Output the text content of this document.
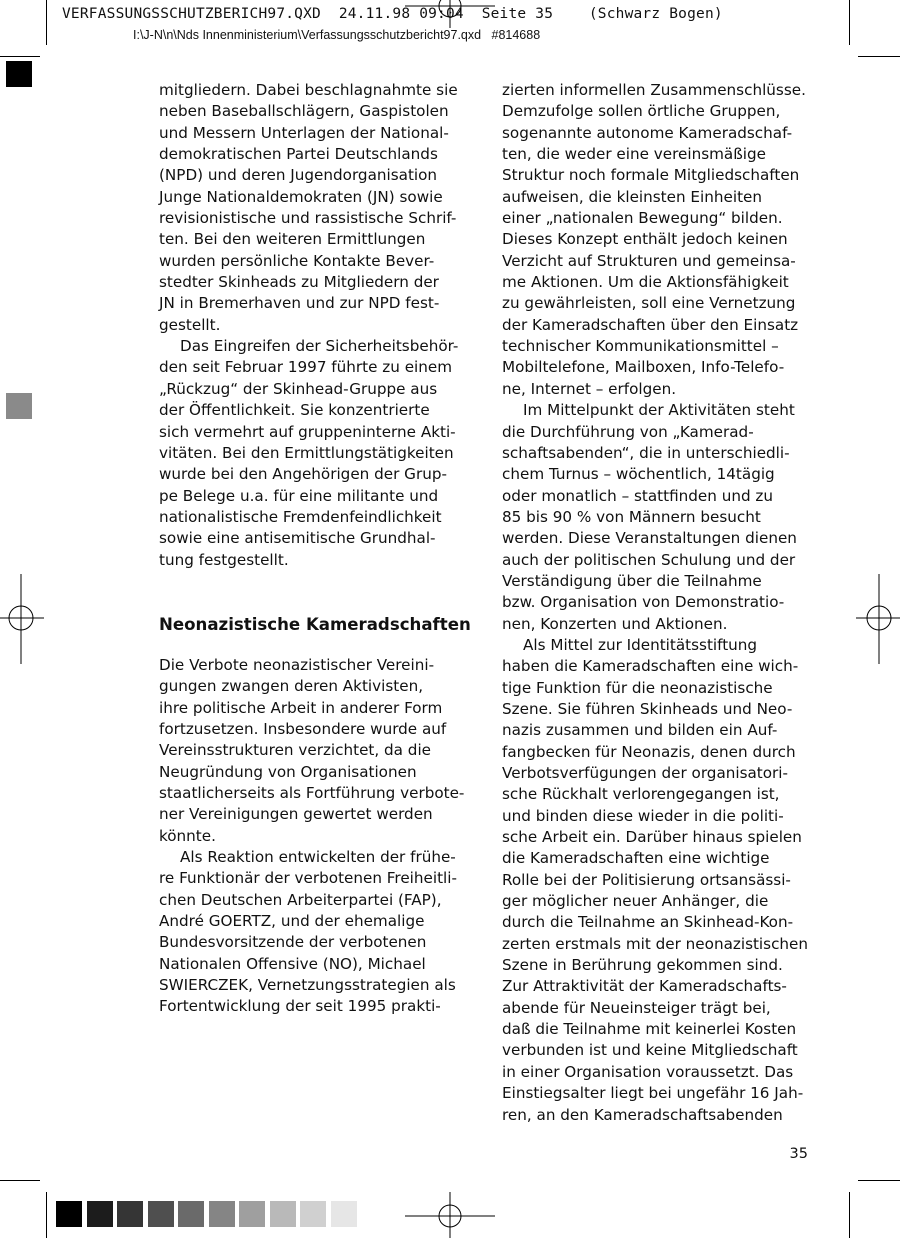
VERFASSUNGSSCHUTZBERICH97.QXD  24.11.98 09:04  Seite 35    (Schwarz Bogen)
I:\J-N\n\Nds Innenministerium\Verfassungsschutzbericht97.qxd   #814688

mitgliedern. Dabei beschlagnahmte sie

neben Baseballschlägern, Gaspistolen

und Messern Unterlagen der National-

demokratischen Partei Deutschlands

(NPD) und deren Jugendorganisation

Junge Nationaldemokraten (JN) sowie

revisionistische und rassistische Schrif-

ten. Bei den weiteren Ermittlungen

wurden persönliche Kontakte Bever-

stedter Skinheads zu Mitgliedern der

JN in Bremerhaven und zur NPD fest-

gestellt.

Das Eingreifen der Sicherheitsbehör-

den seit Februar 1997 führte zu einem

„Rückzug“ der Skinhead-Gruppe aus

der Öffentlichkeit. Sie konzentrierte

sich vermehrt auf gruppeninterne Akti-

vitäten. Bei den Ermittlungstätigkeiten

wurde bei den Angehörigen der Grup-

pe Belege u.a. für eine militante und

nationalistische Fremdenfeindlichkeit

sowie eine antisemitische Grundhal-

tung festgestellt.

Neonazistische Kameradschaften

Die Verbote neonazistischer Vereini-

gungen zwangen deren Aktivisten,

ihre politische Arbeit in anderer Form

fortzusetzen. Insbesondere wurde auf

Vereinsstrukturen verzichtet, da die

Neugründung von Organisationen

staatlicherseits als Fortführung verbote-

ner Vereinigungen gewertet werden

könnte.

Als Reaktion entwickelten der frühe-

re Funktionär der verbotenen Freiheitli-

chen Deutschen Arbeiterpartei (FAP),

André GOERTZ, und der ehemalige

Bundesvorsitzende der verbotenen

Nationalen Offensive (NO), Michael

SWIERCZEK, Vernetzungsstrategien als

Fortentwicklung der seit 1995 prakti-

zierten informellen Zusammenschlüsse.

Demzufolge sollen örtliche Gruppen,

sogenannte autonome Kameradschaf-

ten, die weder eine vereinsmäßige

Struktur noch formale Mitgliedschaften

aufweisen, die kleinsten Einheiten

einer „nationalen Bewegung“ bilden.

Dieses Konzept enthält jedoch keinen

Verzicht auf Strukturen und gemeinsa-

me Aktionen. Um die Aktionsfähigkeit

zu gewährleisten, soll eine Vernetzung

der Kameradschaften über den Einsatz

technischer Kommunikationsmittel –

Mobiltelefone, Mailboxen, Info-Telefo-

ne, Internet – erfolgen.

Im Mittelpunkt der Aktivitäten steht

die Durchführung von „Kamerad-

schaftsabenden“, die in unterschiedli-

chem Turnus – wöchentlich, 14tägig

oder monatlich – stattfinden und zu

85 bis 90 % von Männern besucht

werden. Diese Veranstaltungen dienen

auch der politischen Schulung und der

Verständigung über die Teilnahme

bzw. Organisation von Demonstratio-

nen, Konzerten und Aktionen.

Als Mittel zur Identitätsstiftung

haben die Kameradschaften eine wich-

tige Funktion für die neonazistische

Szene. Sie führen Skinheads und Neo-

nazis zusammen und bilden ein Auf-

fangbecken für Neonazis, denen durch

Verbotsverfügungen der organisatori-

sche Rückhalt verlorengegangen ist,

und binden diese wieder in die politi-

sche Arbeit ein. Darüber hinaus spielen

die Kameradschaften eine wichtige

Rolle bei der Politisierung ortsansässi-

ger möglicher neuer Anhänger, die

durch die Teilnahme an Skinhead-Kon-

zerten erstmals mit der neonazistischen

Szene in Berührung gekommen sind.

Zur Attraktivität der Kameradschafts-

abende für Neueinsteiger trägt bei,

daß die Teilnahme mit keinerlei Kosten

verbunden ist und keine Mitgliedschaft

in einer Organisation voraussetzt. Das

Einstiegsalter liegt bei ungefähr 16 Jah-

ren, an den Kameradschaftsabenden

35
